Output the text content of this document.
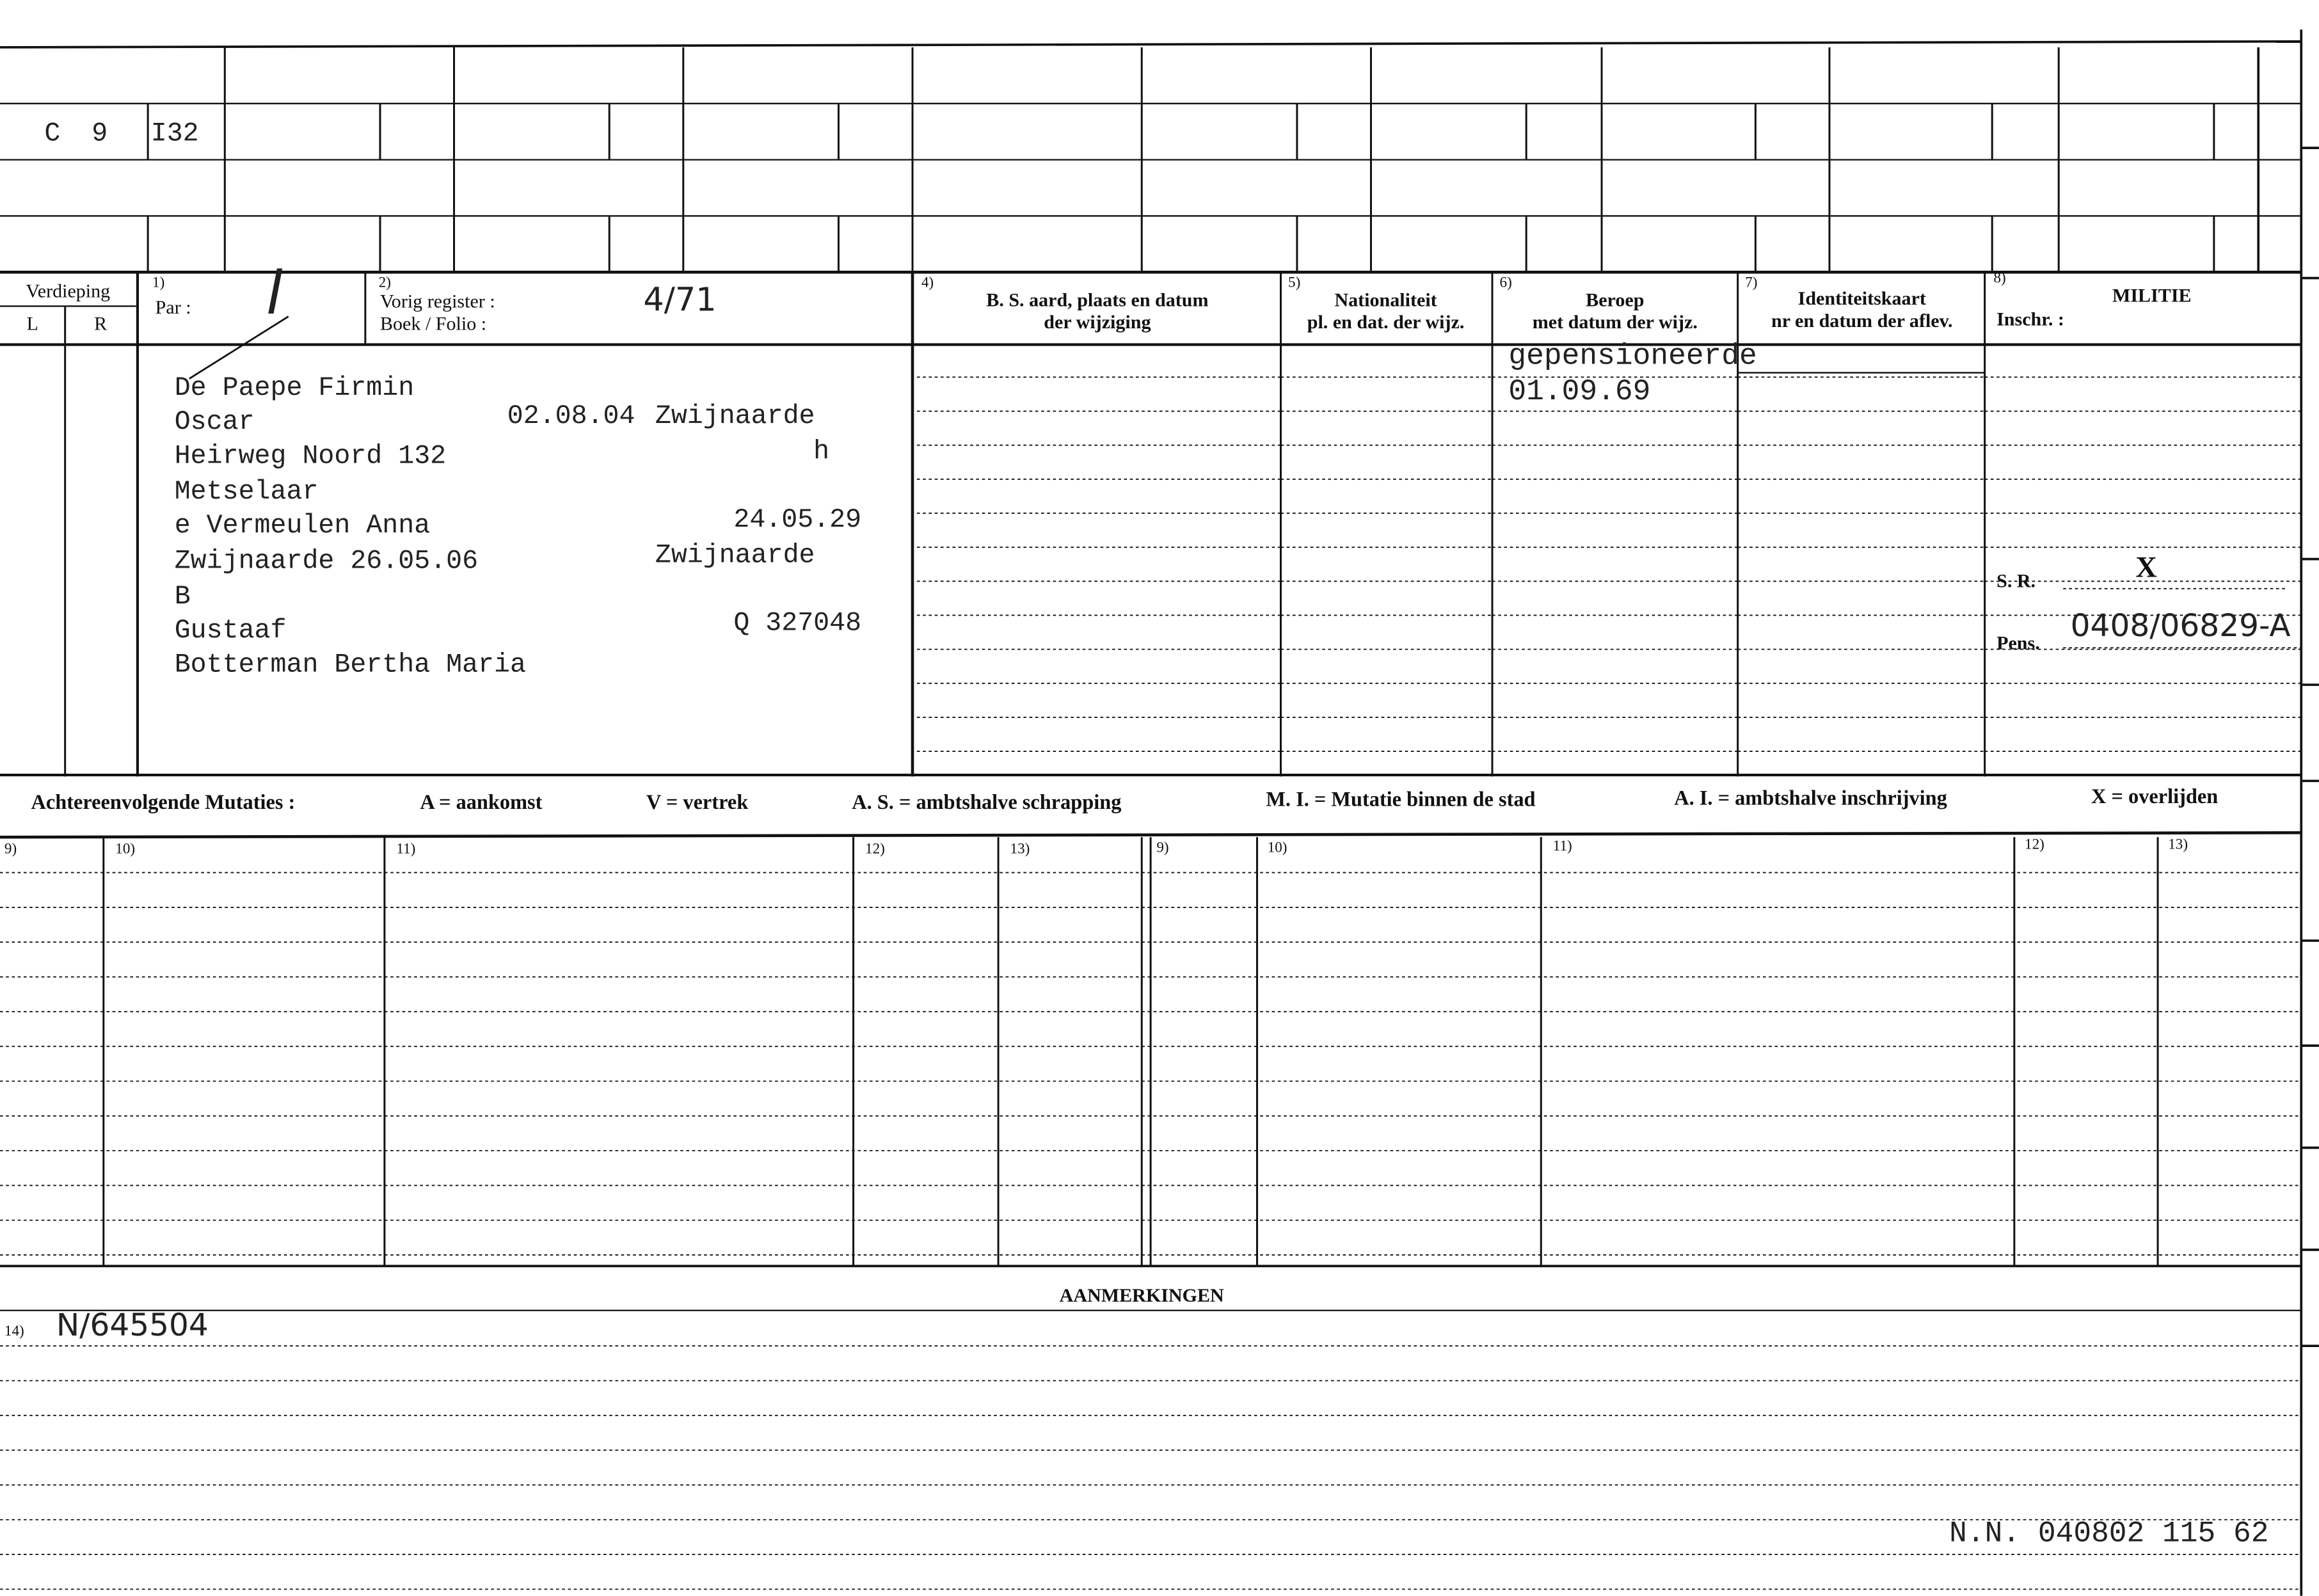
C	9	I32
Verdieping
L	R
1)
Par :	l	2)
Vorig register :
Boek / Folio :
4/71	4)
B. S. aard, plaats en datum
der wijziging
5)
Nationaliteit
pl. en dat. der wijz.
6)
Beroep
met datum der wijz.
7)
Identiteitskaart
nr en datum der aflev.
8)
MILITIE
Inschr. :
De Paepe Firmin
Oscar	02.08.04 Zwijnaarde
h
Heirweg Noord 132
Metselaar
e Vermeulen Anna	24.05.29
Zwijnaarde 26.05.06	Zwijnaarde
B
Gustaaf	Q 327048
Botterman Bertha Maria
gepensioneerde
01.09.69
S. R.	X
Pens. 0408/06829-A
Achtereenvolgende Mutaties :	A = aankomst	V = vertrek	A. S. = ambtshalve schrapping	M. I. = Mutatie binnen de stad	A. I. = ambtshalve inschrijving	X = overlijden
9)	10)	11)	12)	13)	9)	10)	11)	12)	13)
AANMERKINGEN
14) N/645504
N.N. 040802 115 62
